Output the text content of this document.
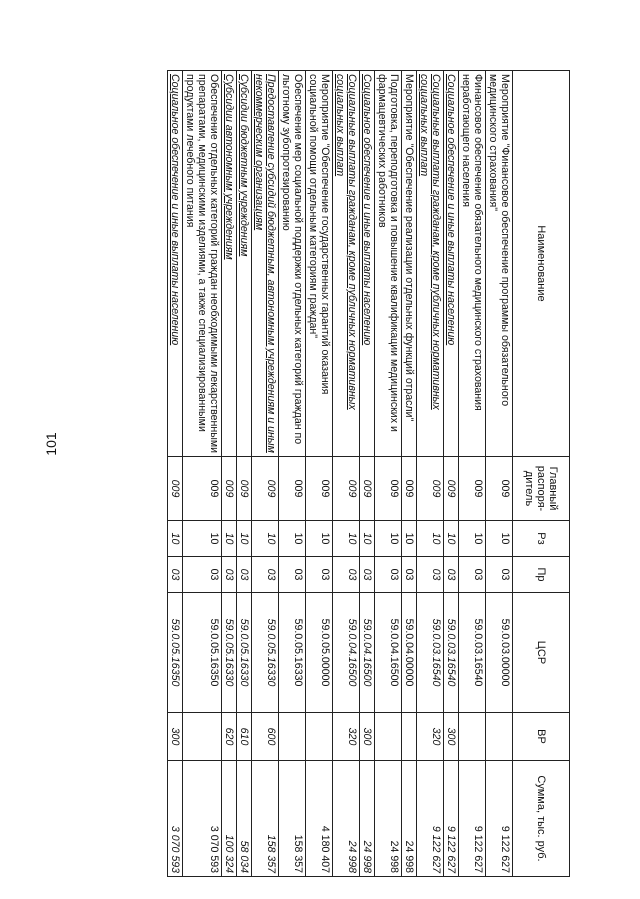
101
Наименование	Главный распоря-дитель	Рз	Пр	ЦСР	ВР	Сумма, тыс. руб.
Мероприятие "Финансовое обеспечение программы обязательного медицинского страхования"	009	10	03	59.0.03.00000		9 122 627
Финансовое обеспечение обязательного медицинского страхования неработающего населения	009	10	03	59.0.03.16540		9 122 627
Социальное обеспечение и иные выплаты населению	009	10	03	59.0.03.16540	300	9 122 627
Социальные выплаты гражданам, кроме публичных нормативных социальных выплат	009	10	03	59.0.03.16540	320	9 122 627
Мероприятие "Обеспечение реализации отдельных функций отрасли"	009	10	03	59.0.04.00000		24 998
Подготовка, переподготовка и повышение квалификации медицинских и фармацевтических работников	009	10	03	59.0.04.16500		24 998
Социальное обеспечение и иные выплаты населению	009	10	03	59.0.04.16500	300	24 998
Социальные выплаты гражданам, кроме публичных нормативных социальных выплат	009	10	03	59.0.04.16500	320	24 998
Мероприятие "Обеспечение государственных гарантий оказания социальной помощи отдельным категориям граждан"	009	10	03	59.0.05.00000		4 180 407
Обеспечение мер социальной поддержки отдельных категорий граждан по льготному зубопротезированию	009	10	03	59.0.05.16330		158 357
Предоставление субсидий бюджетным, автономным учреждениям и иным некоммерческим организациям	009	10	03	59.0.05.16330	600	158 357
Субсидии бюджетным учреждениям	009	10	03	59.0.05.16330	610	58 034
Субсидии автономным учреждениям	009	10	03	59.0.05.16330	620	100 324
Обеспечение отдельных категорий граждан необходимыми лекарственными препаратами, медицинскими изделиями, а также специализированными продуктами лечебного питания	009	10	03	59.0.05.16350		3 070 593
Социальное обеспечение и иные выплаты населению	009	10	03	59.0.05.16350	300	3 070 593
